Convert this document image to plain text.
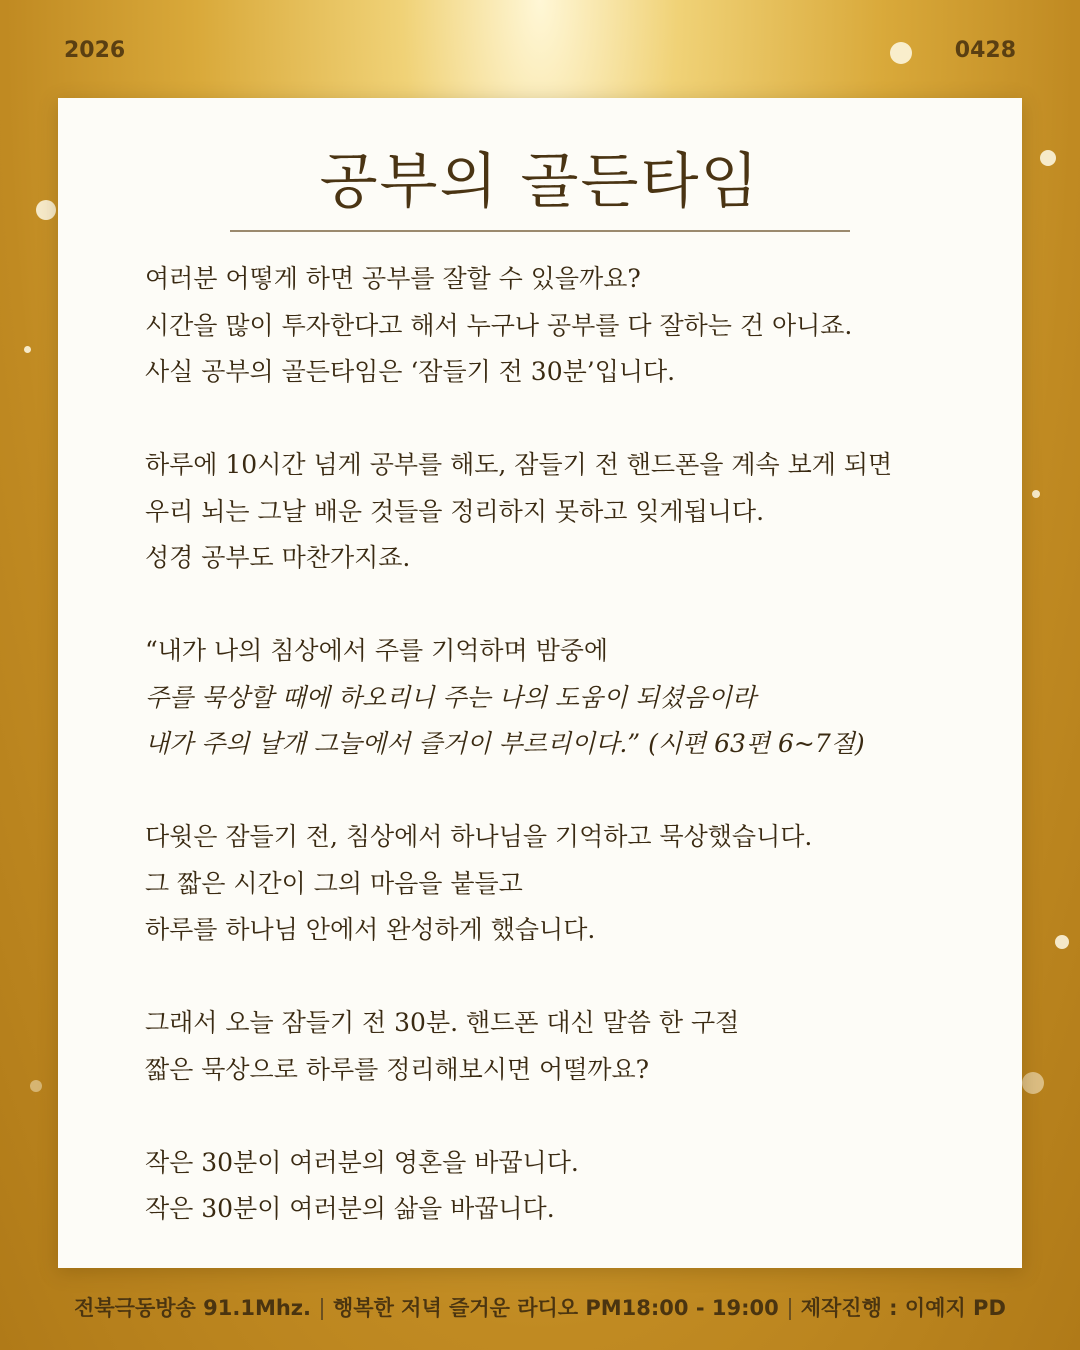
2026	0428
공부의 골든타임

여러분 어떻게 하면 공부를 잘할 수 있을까요?
시간을 많이 투자한다고 해서 누구나 공부를 다 잘하는 건 아니죠.
사실 공부의 골든타임은 ‘잠들기 전 30분’입니다.

하루에 10시간 넘게 공부를 해도, 잠들기 전 핸드폰을 계속 보게 되면
우리 뇌는 그날 배운 것들을 정리하지 못하고 잊게됩니다.
성경 공부도 마찬가지죠.

“내가 나의 침상에서 주를 기억하며 밤중에
주를 묵상할 때에 하오리니 주는 나의 도움이 되셨음이라
내가 주의 날개 그늘에서 즐거이 부르리이다.” (시편 63편 6~7절)

다윗은 잠들기 전, 침상에서 하나님을 기억하고 묵상했습니다.
그 짧은 시간이 그의 마음을 붙들고
하루를 하나님 안에서 완성하게 했습니다.

그래서 오늘 잠들기 전 30분. 핸드폰 대신 말씀 한 구절
짧은 묵상으로 하루를 정리해보시면 어떨까요?

작은 30분이 여러분의 영혼을 바꿉니다.
작은 30분이 여러분의 삶을 바꿉니다.

전북극동방송 91.1Mhz. 행복한 저녁 즐거운 라디오 PM18:00 - 19:00 제작진행 : 이예지 PD
